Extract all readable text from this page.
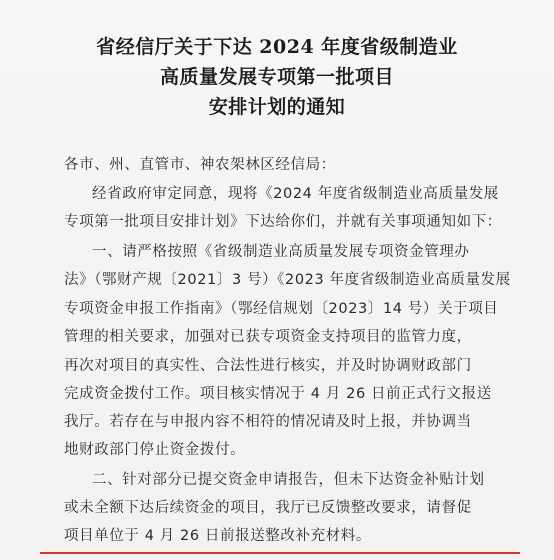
省经信厅关于下达 2024 年度省级制造业
高质量发展专项第一批项目
安排计划的通知
各市、州、直管市、神农架林区经信局：
经省政府审定同意，现将《2024 年度省级制造业高质量发展
专项第一批项目安排计划》下达给你们，并就有关事项通知如下：
一、请严格按照《省级制造业高质量发展专项资金管理办
法》（鄂财产规〔2021〕3 号）《2023 年度省级制造业高质量发展
专项资金申报工作指南》（鄂经信规划〔2023〕14 号）关于项目
管理的相关要求，加强对已获专项资金支持项目的监管力度，
再次对项目的真实性、合法性进行核实，并及时协调财政部门
完成资金拨付工作。项目核实情况于 4 月 26 日前正式行文报送
我厅。若存在与申报内容不相符的情况请及时上报，并协调当
地财政部门停止资金拨付。
二、针对部分已提交资金申请报告，但未下达资金补贴计划
或未全额下达后续资金的项目，我厅已反馈整改要求，请督促
项目单位于 4 月 26 日前报送整改补充材料。
